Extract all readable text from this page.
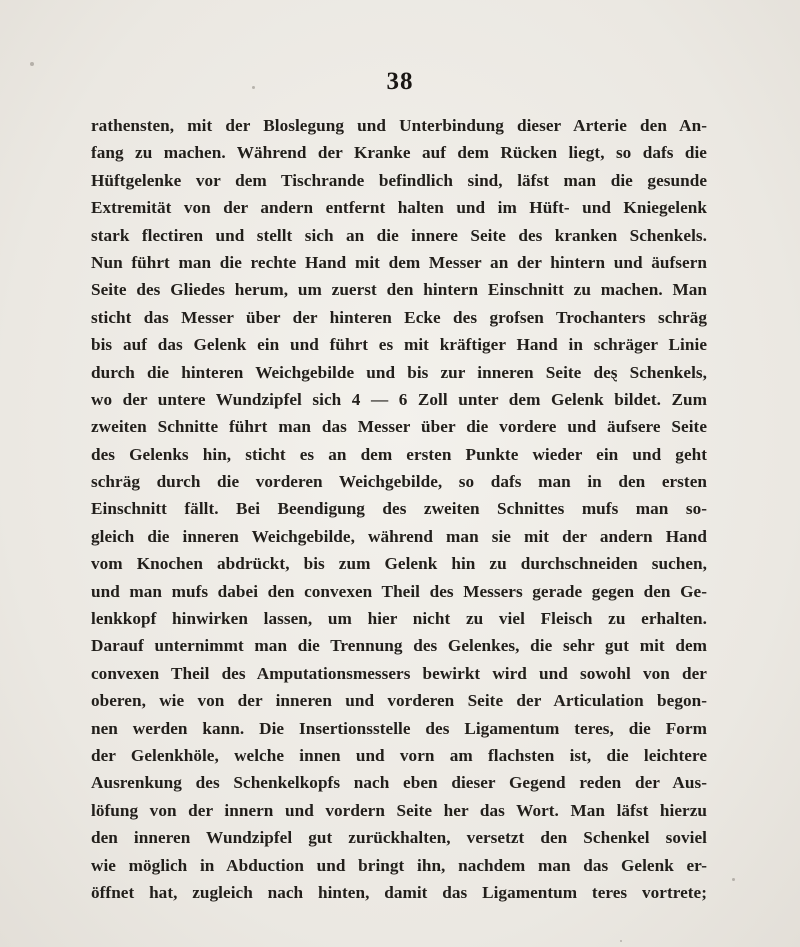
38
rathensten, mit der Bloslegung und Unterbindung dieser Arterie den An-
fang zu machen. Während der Kranke auf dem Rücken liegt, so dafs die
Hüftgelenke vor dem Tischrande befindlich sind, läfst man die gesunde
Extremität von der andern entfernt halten und im Hüft- und Kniegelenk
stark flectiren und stellt sich an die innere Seite des kranken Schenkels.
Nun führt man die rechte Hand mit dem Messer an der hintern und äufsern
Seite des Gliedes herum, um zuerst den hintern Einschnitt zu machen. Man
sticht das Messer über der hinteren Ecke des grofsen Trochanters schräg
bis auf das Gelenk ein und führt es mit kräftiger Hand in schräger Linie
durch die hinteren Weichgebilde und bis zur inneren Seite deȿ Schenkels,
wo der untere Wundzipfel sich 4 — 6 Zoll unter dem Gelenk bildet. Zum
zweiten Schnitte führt man das Messer über die vordere und äufsere Seite
des Gelenks hin, sticht es an dem ersten Punkte wieder ein und geht
schräg durch die vorderen Weichgebilde, so dafs man in den ersten
Einschnitt fällt. Bei Beendigung des zweiten Schnittes mufs man so-
gleich die inneren Weichgebilde, während man sie mit der andern Hand
vom Knochen abdrückt, bis zum Gelenk hin zu durchschneiden suchen,
und man mufs dabei den convexen Theil des Messers gerade gegen den Ge-
lenkkopf hinwirken lassen, um hier nicht zu viel Fleisch zu erhalten.
Darauf unternimmt man die Trennung des Gelenkes, die sehr gut mit dem
convexen Theil des Amputationsmessers bewirkt wird und sowohl von der
oberen, wie von der inneren und vorderen Seite der Articulation begon-
nen werden kann. Die Insertionsstelle des Ligamentum teres, die Form
der Gelenkhöle, welche innen und vorn am flachsten ist, die leichtere
Ausrenkung des Schenkelkopfs nach eben dieser Gegend reden der Aus-
löfung von der innern und vordern Seite her das Wort. Man läfst hierzu
den inneren Wundzipfel gut zurückhalten, versetzt den Schenkel soviel
wie möglich in Abduction und bringt ihn, nachdem man das Gelenk er-
öffnet hat, zugleich nach hinten, damit das Ligamentum teres vortrete;
